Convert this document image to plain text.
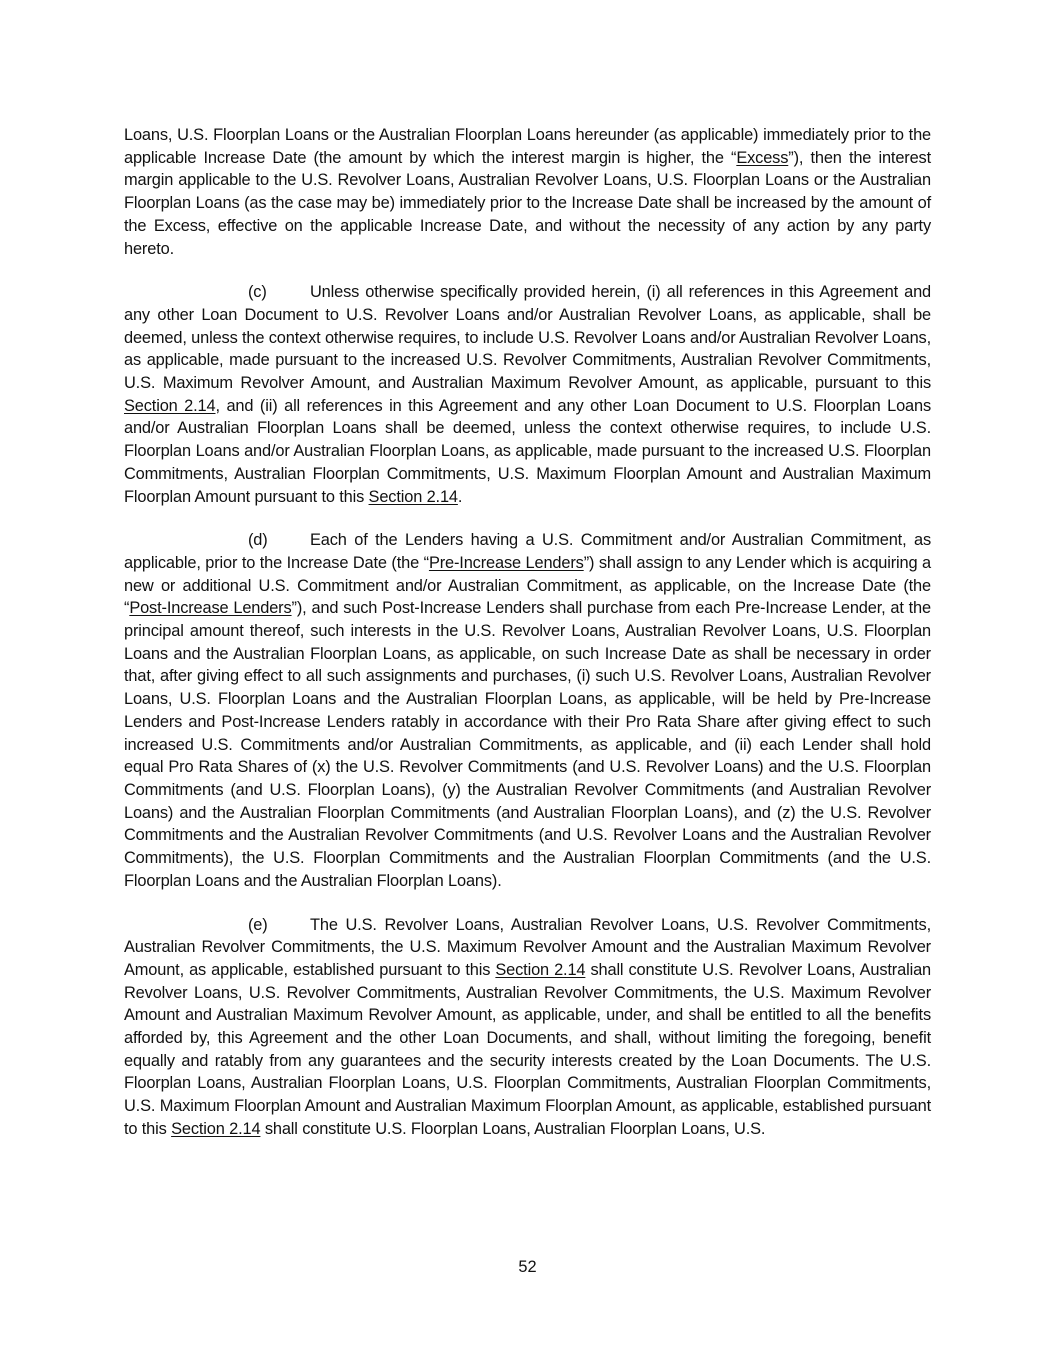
Loans, U.S. Floorplan Loans or the Australian Floorplan Loans hereunder (as applicable) immediately prior to the applicable Increase Date (the amount by which the interest margin is higher, the “Excess”), then the interest margin applicable to the U.S. Revolver Loans, Australian Revolver Loans, U.S. Floorplan Loans or the Australian Floorplan Loans (as the case may be) immediately prior to the Increase Date shall be increased by the amount of the Excess, effective on the applicable Increase Date, and without the necessity of any action by any party hereto.

(c)	Unless otherwise specifically provided herein, (i) all references in this Agreement and any other Loan Document to U.S. Revolver Loans and/or Australian Revolver Loans, as applicable, shall be deemed, unless the context otherwise requires, to include U.S. Revolver Loans and/or Australian Revolver Loans, as applicable, made pursuant to the increased U.S. Revolver Commitments, Australian Revolver Commitments, U.S. Maximum Revolver Amount, and Australian Maximum Revolver Amount, as applicable, pursuant to this Section 2.14, and (ii) all references in this Agreement and any other Loan Document to U.S. Floorplan Loans and/or Australian Floorplan Loans shall be deemed, unless the context otherwise requires, to include U.S. Floorplan Loans and/or Australian Floorplan Loans, as applicable, made pursuant to the increased U.S. Floorplan Commitments, Australian Floorplan Commitments, U.S. Maximum Floorplan Amount and Australian Maximum Floorplan Amount pursuant to this Section 2.14.

(d)	Each of the Lenders having a U.S. Commitment and/or Australian Commitment, as applicable, prior to the Increase Date (the “Pre-Increase Lenders”) shall assign to any Lender which is acquiring a new or additional U.S. Commitment and/or Australian Commitment, as applicable, on the Increase Date (the “Post-Increase Lenders”), and such Post-Increase Lenders shall purchase from each Pre-Increase Lender, at the principal amount thereof, such interests in the U.S. Revolver Loans, Australian Revolver Loans, U.S. Floorplan Loans and the Australian Floorplan Loans, as applicable, on such Increase Date as shall be necessary in order that, after giving effect to all such assignments and purchases, (i) such U.S. Revolver Loans, Australian Revolver Loans, U.S. Floorplan Loans and the Australian Floorplan Loans, as applicable, will be held by Pre-Increase Lenders and Post-Increase Lenders ratably in accordance with their Pro Rata Share after giving effect to such increased U.S. Commitments and/or Australian Commitments, as applicable, and (ii) each Lender shall hold equal Pro Rata Shares of (x) the U.S. Revolver Commitments (and U.S. Revolver Loans) and the U.S. Floorplan Commitments (and U.S. Floorplan Loans), (y) the Australian Revolver Commitments (and Australian Revolver Loans) and the Australian Floorplan Commitments (and Australian Floorplan Loans), and (z) the U.S. Revolver Commitments and the Australian Revolver Commitments (and U.S. Revolver Loans and the Australian Revolver Commitments), the U.S. Floorplan Commitments and the Australian Floorplan Commitments (and the U.S. Floorplan Loans and the Australian Floorplan Loans).

(e)	The U.S. Revolver Loans, Australian Revolver Loans, U.S. Revolver Commitments, Australian Revolver Commitments, the U.S. Maximum Revolver Amount and the Australian Maximum Revolver Amount, as applicable, established pursuant to this Section 2.14 shall constitute U.S. Revolver Loans, Australian Revolver Loans, U.S. Revolver Commitments, Australian Revolver Commitments, the U.S. Maximum Revolver Amount and Australian Maximum Revolver Amount, as applicable, under, and shall be entitled to all the benefits afforded by, this Agreement and the other Loan Documents, and shall, without limiting the foregoing, benefit equally and ratably from any guarantees and the security interests created by the Loan Documents. The U.S. Floorplan Loans, Australian Floorplan Loans, U.S. Floorplan Commitments, Australian Floorplan Commitments, U.S. Maximum Floorplan Amount and Australian Maximum Floorplan Amount, as applicable, established pursuant to this Section 2.14 shall constitute U.S. Floorplan Loans, Australian Floorplan Loans, U.S.

52
